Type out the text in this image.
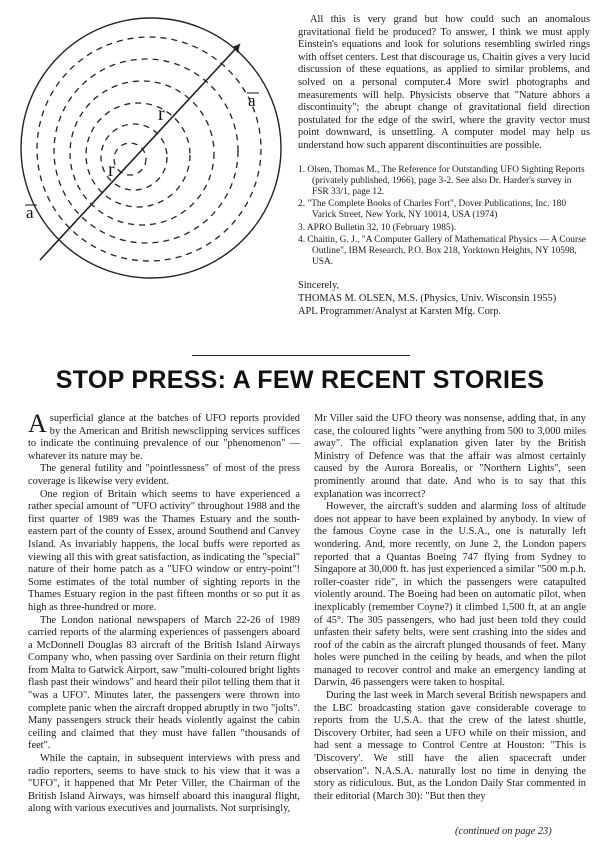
r
r
a
a

All this is very grand but how could such an anomalous gravitational field be produced? To answer, I think we must apply Einstein's equations and look for solutions resembling swirled rings with offset centers. Lest that discourage us, Chaitin gives a very lucid discussion of these equations, as applied to similar problems, and solved on a personal computer.4 More swirl photographs and measurements will help. Physicists observe that "Nature abhors a discontinuity"; the abrupt change of gravitational field direction postulated for the edge of the swirl, where the gravity vector must point downward, is unsettling. A computer model may help us understand how such apparent discontinuities are possible.

1. Olsen, Thomas M., The Reference for Outstanding UFO Sighting Reports (privately published, 1966), page 3-2. See also Dr. Harder's survey in FSR 33/1, page 12.
2. "The Complete Books of Charles Fort", Dover Publications, Inc. 180 Varick Street, New York, NY 10014, USA (1974)
3. APRO Bulletin 32, 10 (February 1985).
4. Chaitin, G. J., "A Computer Gallery of Mathematical Physics — A Course Outline", IBM Research, P.O. Box 218, Yorktown Heights, NY 10598, USA.
Sincerely,
THOMAS M. OLSEN, M.S. (Physics, Univ. Wisconsin 1955)
APL Programmer/Analyst at Karsten Mfg. Corp.
STOP PRESS: A FEW RECENT STORIES

Asuperficial glance at the batches of UFO reports provided by the American and British newsclipping services suffices to indicate the continuing prevalence of our "phenomenon" — whatever its nature may be.

The general futility and "pointlessness" of most of the press coverage is likewise very evident.

One region of Britain which seems to have experienced a rather special amount of "UFO activity" throughout 1988 and the first quarter of 1989 was the Thames Estuary and the south-eastern part of the county of Essex, around Southend and Canvey Island. As invariably happens, the local buffs were reported as viewing all this with great satisfaction, as indicating the "special" nature of their home patch as a "UFO window or entry-point"! Some estimates of the total number of sighting reports in the Thames Estuary region in the past fifteen months or so put it as high as three-hundred or more.

The London national newspapers of March 22-26 of 1989 carried reports of the alarming experiences of passengers aboard a McDonnell Douglas 83 aircraft of the British Island Airways Company who, when passing over Sardinia on their return flight from Malta to Gatwick Airport, saw "multi-coloured bright lights flash past their windows" and heard their pilot telling them that it "was a UFO". Minutes later, the passengers were thrown into complete panic when the aircraft dropped abruptly in two "jolts". Many passengers struck their heads violently against the cabin ceiling and claimed that they must have fallen "thousands of feet".

While the captain, in subsequent interviews with press and radio reporters, seems to have stuck to his view that it was a "UFO", it happened that Mr Peter Viller, the Chairman of the British Island Airways, was himself aboard this inaugural flight, along with various executives and journalists. Not surprisingly,

Mr Viller said the UFO theory was nonsense, adding that, in any case, the coloured lights "were anything from 500 to 3,000 miles away". The official explanation given later by the British Ministry of Defence was that the affair was almost certainly caused by the Aurora Borealis, or "Northern Lights", seen prominently around that date. And who is to say that this explanation was incorrect?

However, the aircraft's sudden and alarming loss of altitude does not appear to have been explained by anybody. In view of the famous Coyne case in the U.S.A., one is naturally left wondering. And, more recently, on June 2, the London papers reported that a Quantas Boeing 747 flying from Sydney to Singapore at 30,000 ft. has just experienced a similar "500 m.p.h. roller-coaster ride", in which the passengers were catapulted violently around. The Boeing had been on automatic pilot, when inexplicably (remember Coyne?) it climbed 1,500 ft, at an angle of 45°. The 305 passengers, who had just been told they could unfasten their safety belts, were sent crashing into the sides and roof of the cabin as the aircraft plunged thousands of feet. Many holes were punched in the ceiling by heads, and when the pilot managed to recover control and make an emergency landing at Darwin, 46 passengers were taken to hospital.

During the last week in March several British newspapers and the LBC broadcasting station gave considerable coverage to reports from the U.S.A. that the crew of the latest shuttle, Discovery Orbiter, had seen a UFO while on their mission, and had sent a message to Control Centre at Houston: "This is 'Discovery'. We still have the alien spacecraft under observation". N.A.S.A. naturally lost no time in denying the story as ridiculous. But, as the London Daily Star commented in their editorial (March 30): "But then they

(continued on page 23)
